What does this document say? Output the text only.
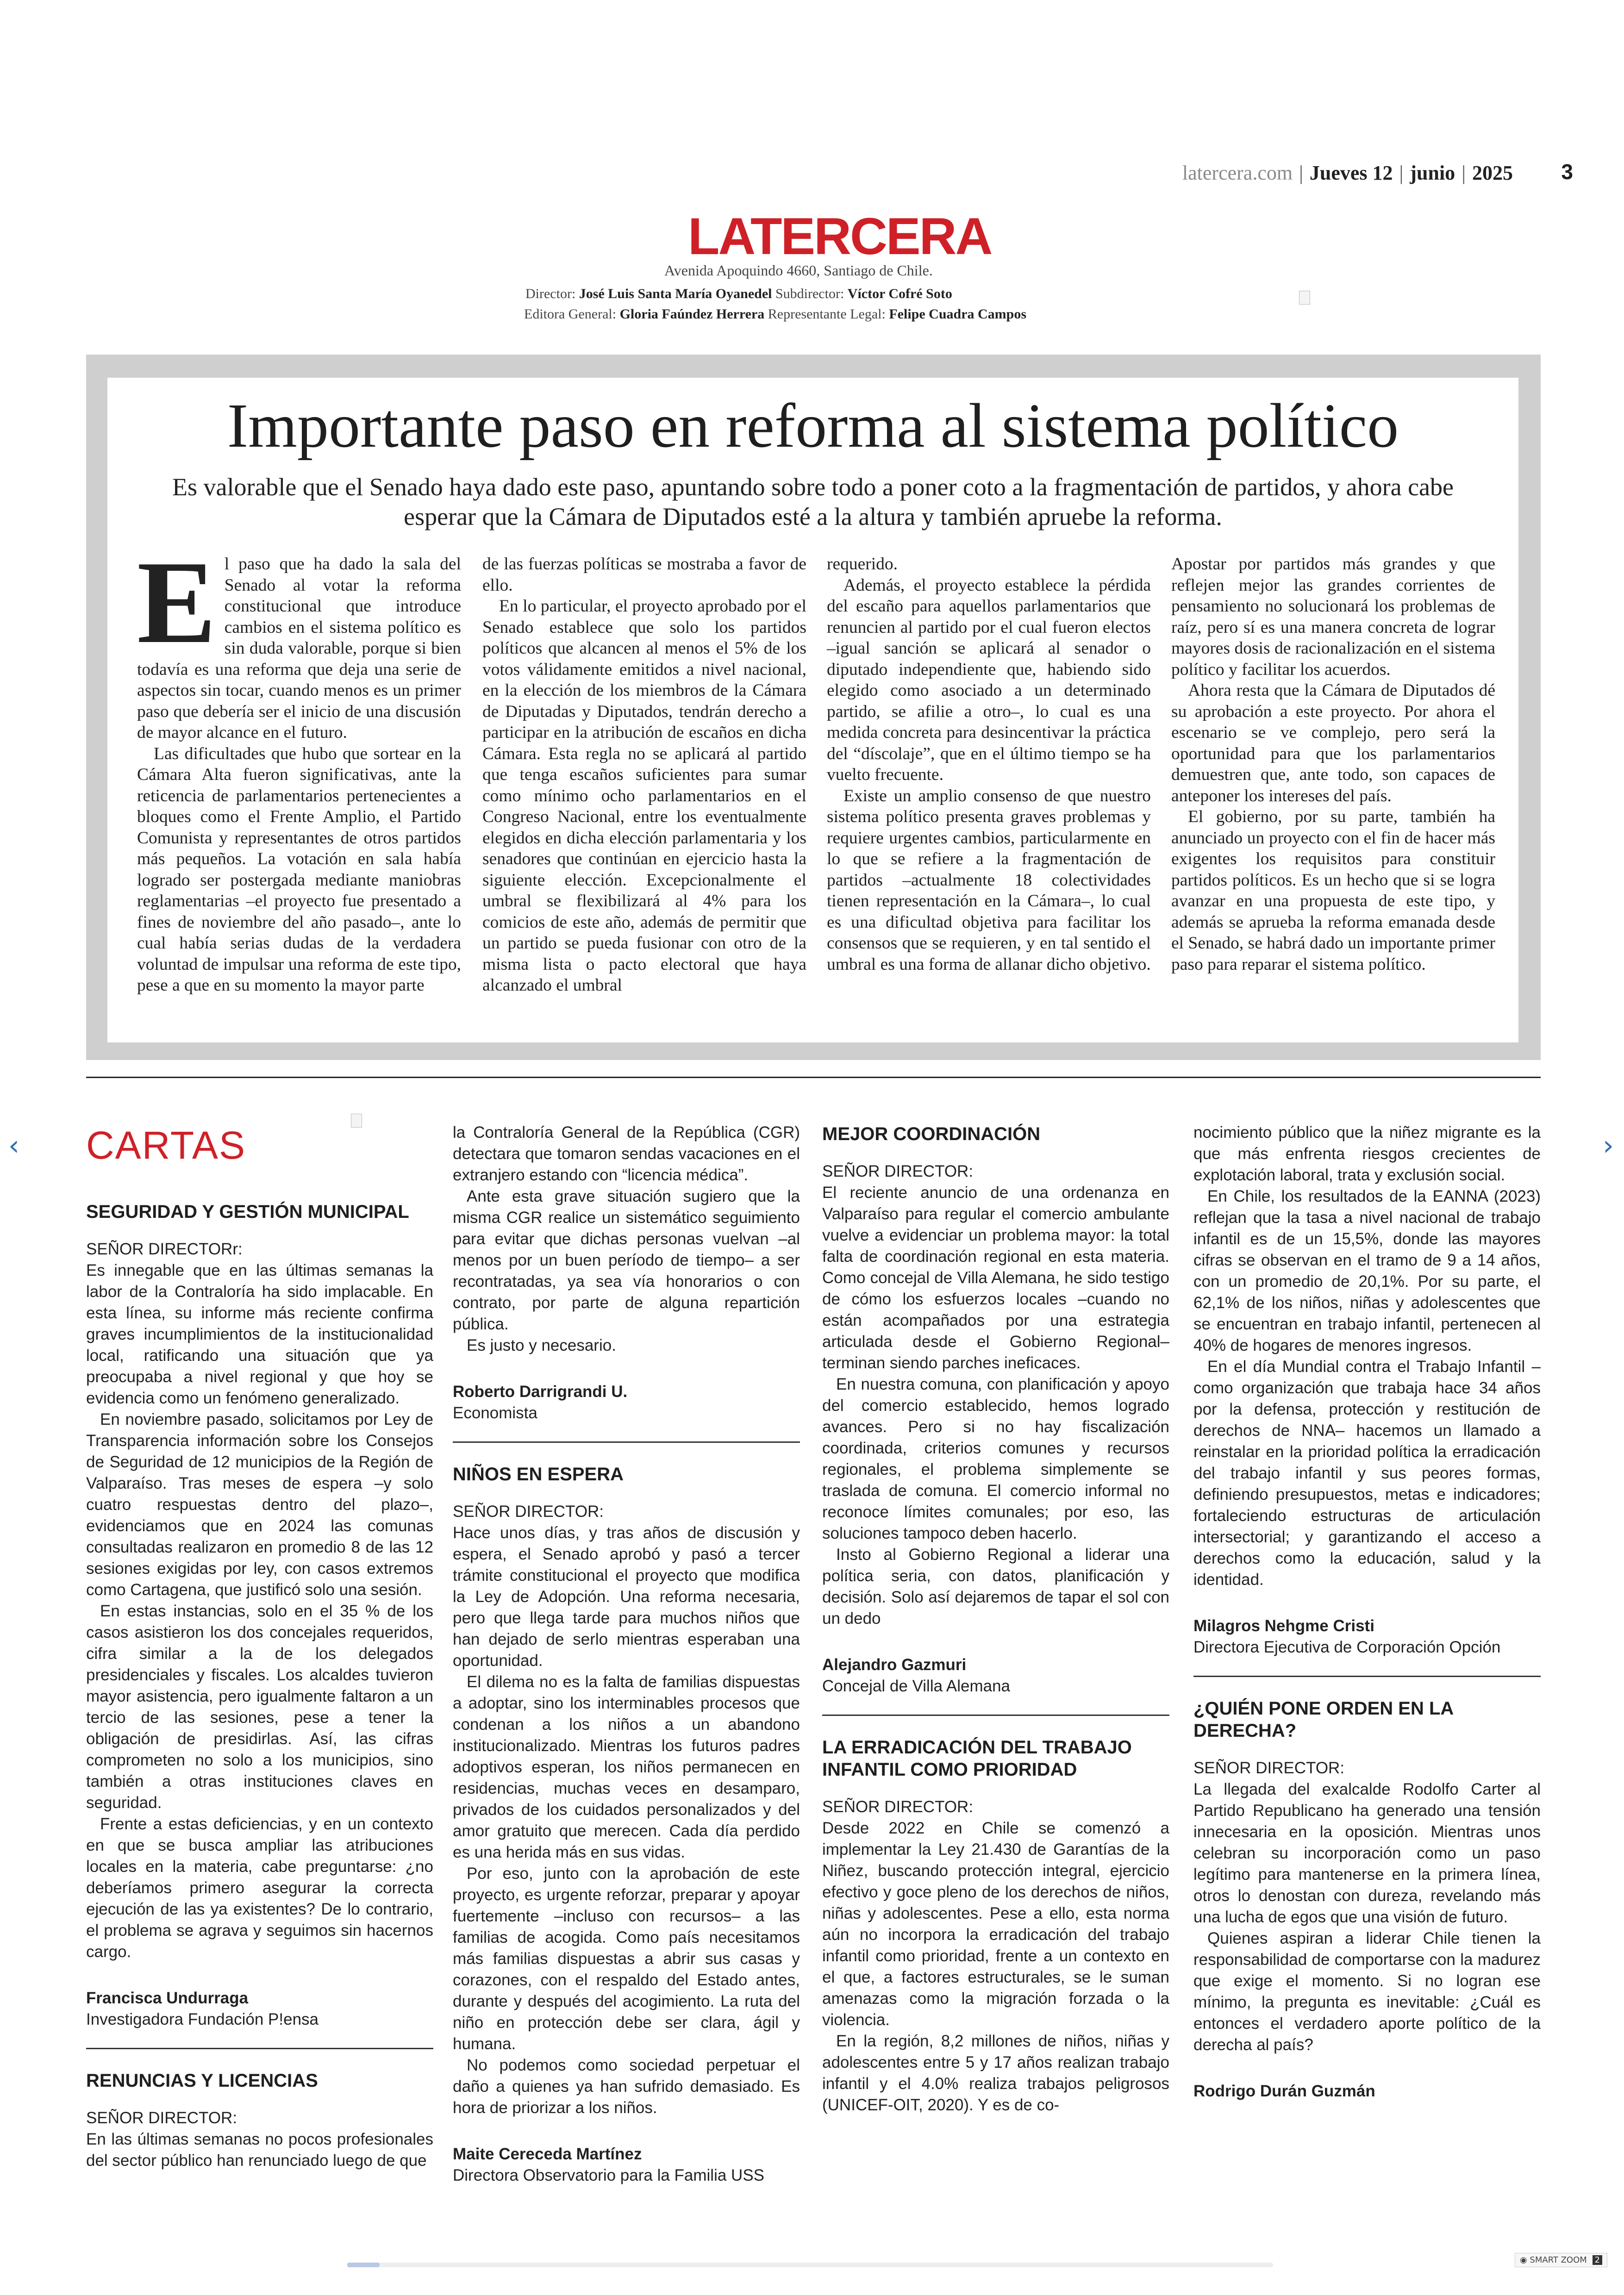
latercera.com | Jueves 12 | junio | 2025 3
LATERCERA
Avenida Apoquindo 4660, Santiago de Chile.
Director: José Luis Santa María Oyanedel Subdirector: Víctor Cofré Soto
Editora General: Gloria Faúndez Herrera Representante Legal: Felipe Cuadra Campos
Importante paso en reforma al sistema político
Es valorable que el Senado haya dado este paso, apuntando sobre todo a poner coto a la fragmentación de partidos, y ahora cabe esperar que la Cámara de Diputados esté a la altura y también apruebe la reforma.

El paso que ha dado la sala del Senado al votar la reforma constitucional que introduce cambios en el sistema político es sin duda valorable, porque si bien todavía es una reforma que deja una serie de aspectos sin tocar, cuando menos es un primer paso que debería ser el inicio de una discusión de mayor alcance en el futuro.

Las dificultades que hubo que sortear en la Cámara Alta fueron significativas, ante la reticencia de parlamentarios pertenecientes a bloques como el Frente Amplio, el Partido Comunista y representantes de otros partidos más pequeños. La votación en sala había logrado ser postergada mediante maniobras reglamentarias –el proyecto fue presentado a fines de noviembre del año pasado–, ante lo cual había serias dudas de la verdadera voluntad de impulsar una reforma de este tipo, pese a que en su momento la mayor parte

de las fuerzas políticas se mostraba a favor de ello.

En lo particular, el proyecto aprobado por el Senado establece que solo los partidos políticos que alcancen al menos el 5% de los votos válidamente emitidos a nivel nacional, en la elección de los miembros de la Cámara de Diputadas y Diputados, tendrán derecho a participar en la atribución de escaños en dicha Cámara. Esta regla no se aplicará al partido que tenga escaños suficientes para sumar como mínimo ocho parlamentarios en el Congreso Nacional, entre los eventualmente elegidos en dicha elección parlamentaria y los senadores que continúan en ejercicio hasta la siguiente elección. Excepcionalmente el umbral se flexibilizará al 4% para los comicios de este año, además de permitir que un partido se pueda fusionar con otro de la misma lista o pacto electoral que haya alcanzado el umbral

requerido.

Además, el proyecto establece la pérdida del escaño para aquellos parlamentarios que renuncien al partido por el cual fueron electos –igual sanción se aplicará al senador o diputado independiente que, habiendo sido elegido como asociado a un determinado partido, se afilie a otro–, lo cual es una medida concreta para desincentivar la práctica del “díscolaje”, que en el último tiempo se ha vuelto frecuente.

Existe un amplio consenso de que nuestro sistema político presenta graves problemas y requiere urgentes cambios, particularmente en lo que se refiere a la fragmentación de partidos –actualmente 18 colectividades tienen representación en la Cámara–, lo cual es una dificultad objetiva para facilitar los consensos que se requieren, y en tal sentido el umbral es una forma de allanar dicho objetivo.

Apostar por partidos más grandes y que reflejen mejor las grandes corrientes de pensamiento no solucionará los problemas de raíz, pero sí es una manera concreta de lograr mayores dosis de racionalización en el sistema político y facilitar los acuerdos.

Ahora resta que la Cámara de Diputados dé su aprobación a este proyecto. Por ahora el escenario se ve complejo, pero será la oportunidad para que los parlamentarios demuestren que, ante todo, son capaces de anteponer los intereses del país.

El gobierno, por su parte, también ha anunciado un proyecto con el fin de hacer más exigentes los requisitos para constituir partidos políticos. Es un hecho que si se logra avanzar en una propuesta de este tipo, y además se aprueba la reforma emanada desde el Senado, se habrá dado un importante primer paso para reparar el sistema político.

CARTAS

SEGURIDAD Y GESTIÓN MUNICIPAL

SEÑOR DIRECTORr:

Es innegable que en las últimas semanas la labor de la Contraloría ha sido implacable. En esta línea, su informe más reciente confirma graves incumplimientos de la institucionalidad local, ratificando una situación que ya preocupaba a nivel regional y que hoy se evidencia como un fenómeno generalizado.

En noviembre pasado, solicitamos por Ley de Transparencia información sobre los Consejos de Seguridad de 12 municipios de la Región de Valparaíso. Tras meses de espera –y solo cuatro respuestas dentro del plazo–, evidenciamos que en 2024 las comunas consultadas realizaron en promedio 8 de las 12 sesiones exigidas por ley, con casos extremos como Cartagena, que justificó solo una sesión.

En estas instancias, solo en el 35 % de los casos asistieron los dos concejales requeridos, cifra similar a la de los delegados presidenciales y fiscales. Los alcaldes tuvieron mayor asistencia, pero igualmente faltaron a un tercio de las sesiones, pese a tener la obligación de presidirlas. Así, las cifras comprometen no solo a los municipios, sino también a otras instituciones claves en seguridad.

Frente a estas deficiencias, y en un contexto en que se busca ampliar las atribuciones locales en la materia, cabe preguntarse: ¿no deberíamos primero asegurar la correcta ejecución de las ya existentes? De lo contrario, el problema se agrava y seguimos sin hacernos cargo.

Francisca Undurraga

Investigadora Fundación P!ensa

RENUNCIAS Y LICENCIAS

SEÑOR DIRECTOR:

En las últimas semanas no pocos profesionales del sector público han renunciado luego de que

la Contraloría General de la República (CGR) detectara que tomaron sendas vacaciones en el extranjero estando con “licencia médica”.

Ante esta grave situación sugiero que la misma CGR realice un sistemático seguimiento para evitar que dichas personas vuelvan –al menos por un buen período de tiempo– a ser recontratadas, ya sea vía honorarios o con contrato, por parte de alguna repartición pública.

Es justo y necesario.

Roberto Darrigrandi U.

Economista

NIÑOS EN ESPERA

SEÑOR DIRECTOR:

Hace unos días, y tras años de discusión y espera, el Senado aprobó y pasó a tercer trámite constitucional el proyecto que modifica la Ley de Adopción. Una reforma necesaria, pero que llega tarde para muchos niños que han dejado de serlo mientras esperaban una oportunidad.

El dilema no es la falta de familias dispuestas a adoptar, sino los interminables procesos que condenan a los niños a un abandono institucionalizado. Mientras los futuros padres adoptivos esperan, los niños permanecen en residencias, muchas veces en desamparo, privados de los cuidados personalizados y del amor gratuito que merecen. Cada día perdido es una herida más en sus vidas.

Por eso, junto con la aprobación de este proyecto, es urgente reforzar, preparar y apoyar fuertemente –incluso con recursos– a las familias de acogida. Como país necesitamos más familias dispuestas a abrir sus casas y corazones, con el respaldo del Estado antes, durante y después del acogimiento. La ruta del niño en protección debe ser clara, ágil y humana.

No podemos como sociedad perpetuar el daño a quienes ya han sufrido demasiado. Es hora de priorizar a los niños.

Maite Cereceda Martínez

Directora Observatorio para la Familia USS

MEJOR COORDINACIÓN

SEÑOR DIRECTOR:

El reciente anuncio de una ordenanza en Valparaíso para regular el comercio ambulante vuelve a evidenciar un problema mayor: la total falta de coordinación regional en esta materia. Como concejal de Villa Alemana, he sido testigo de cómo los esfuerzos locales –cuando no están acompañados por una estrategia articulada desde el Gobierno Regional– terminan siendo parches ineficaces.

En nuestra comuna, con planificación y apoyo del comercio establecido, hemos logrado avances. Pero si no hay fiscalización coordinada, criterios comunes y recursos regionales, el problema simplemente se traslada de comuna. El comercio informal no reconoce límites comunales; por eso, las soluciones tampoco deben hacerlo.

Insto al Gobierno Regional a liderar una política seria, con datos, planificación y decisión. Solo así dejaremos de tapar el sol con un dedo

Alejandro Gazmuri

Concejal de Villa Alemana

LA ERRADICACIÓN DEL TRABAJO INFANTIL COMO PRIORIDAD

SEÑOR DIRECTOR:

Desde 2022 en Chile se comenzó a implementar la Ley 21.430 de Garantías de la Niñez, buscando protección integral, ejercicio efectivo y goce pleno de los derechos de niños, niñas y adolescentes. Pese a ello, esta norma aún no incorpora la erradicación del trabajo infantil como prioridad, frente a un contexto en el que, a factores estructurales, se le suman amenazas como la migración forzada o la violencia.

En la región, 8,2 millones de niños, niñas y adolescentes entre 5 y 17 años realizan trabajo infantil y el 4.0% realiza trabajos peligrosos (UNICEF-OIT, 2020). Y es de co-

nocimiento público que la niñez migrante es la que más enfrenta riesgos crecientes de explotación laboral, trata y exclusión social.

En Chile, los resultados de la EANNA (2023) reflejan que la tasa a nivel nacional de trabajo infantil es de un 15,5%, donde las mayores cifras se observan en el tramo de 9 a 14 años, con un promedio de 20,1%. Por su parte, el 62,1% de los niños, niñas y adolescentes que se encuentran en trabajo infantil, pertenecen al 40% de hogares de menores ingresos.

En el día Mundial contra el Trabajo Infantil –como organización que trabaja hace 34 años por la defensa, protección y restitución de derechos de NNA– hacemos un llamado a reinstalar en la prioridad política la erradicación del trabajo infantil y sus peores formas, definiendo presupuestos, metas e indicadores; fortaleciendo estructuras de articulación intersectorial; y garantizando el acceso a derechos como la educación, salud y la identidad.

Milagros Nehgme Cristi

Directora Ejecutiva de Corporación Opción

¿QUIÉN PONE ORDEN EN LA DERECHA?

SEÑOR DIRECTOR:

La llegada del exalcalde Rodolfo Carter al Partido Republicano ha generado una tensión innecesaria en la oposición. Mientras unos celebran su incorporación como un paso legítimo para mantenerse en la primera línea, otros lo denostan con dureza, revelando más una lucha de egos que una visión de futuro.

Quienes aspiran a liderar Chile tienen la responsabilidad de comportarse con la madurez que exige el momento. Si no logran ese mínimo, la pregunta es inevitable: ¿Cuál es entonces el verdadero aporte político de la derecha al país?

Rodrigo Durán Guzmán

‹	›
◉ SMART ZOOM 2
